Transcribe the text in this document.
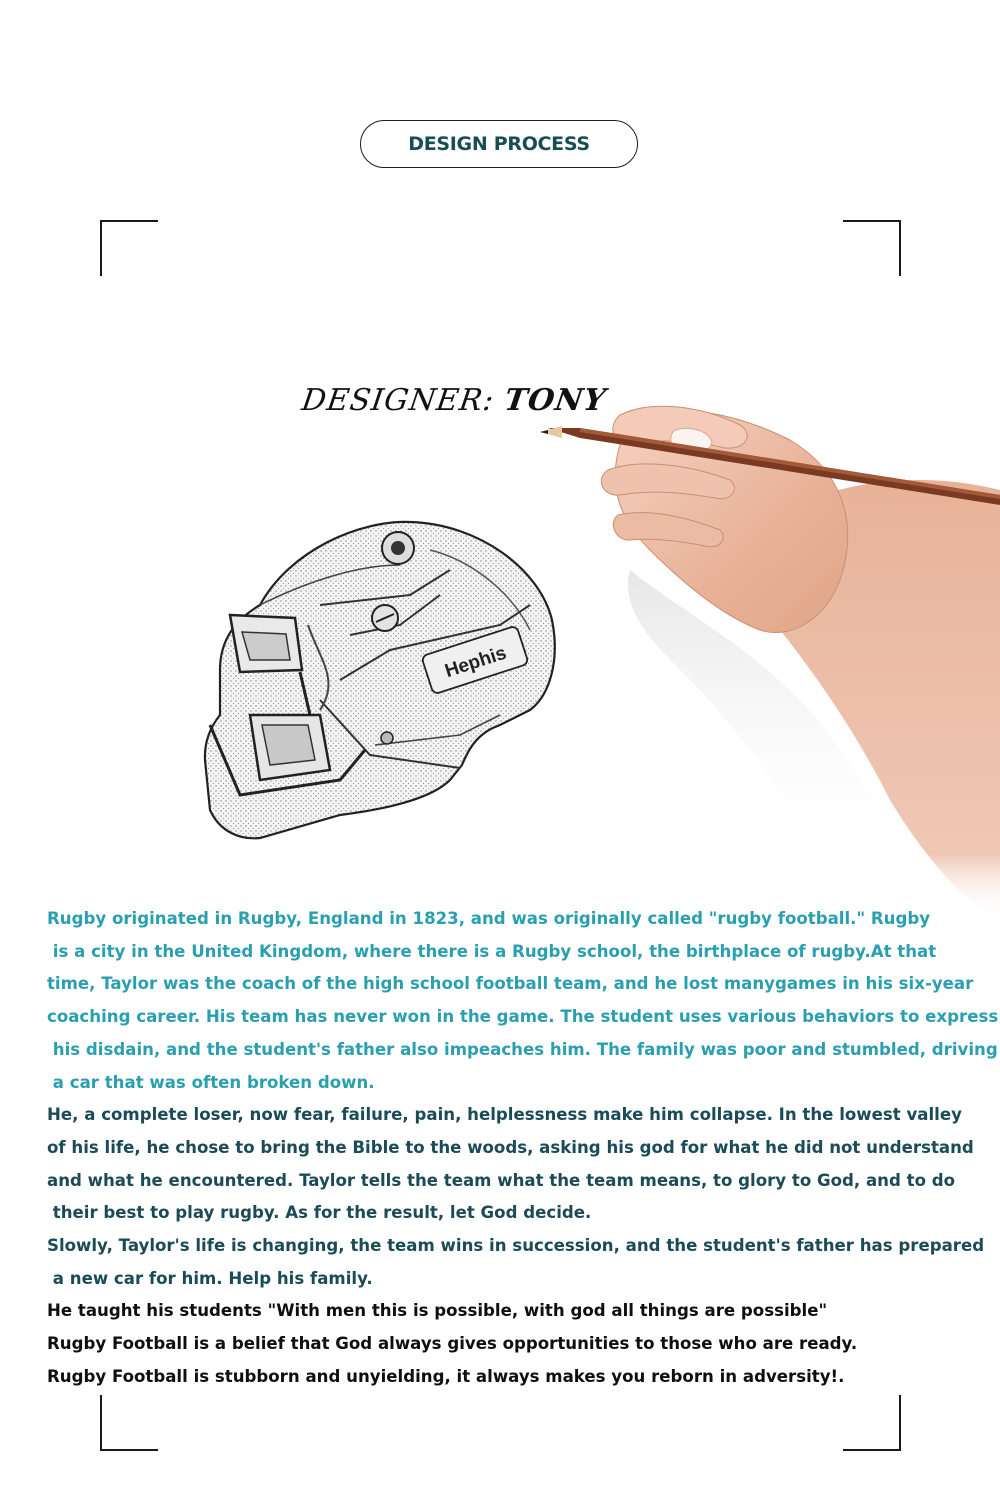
DESIGN PROCESS
DESIGNER: TONY
Hephis
Rugby originated in Rugby, England in 1823, and was originally called "rugby football." Rugby
is a city in the United Kingdom, where there is a Rugby school, the birthplace of rugby.At that
time, Taylor was the coach of the high school football team, and he lost manygames in his six-year
coaching career. His team has never won in the game. The student uses various behaviors to express
his disdain, and the student's father also impeaches him. The family was poor and stumbled, driving
a car that was often broken down.
He, a complete loser, now fear, failure, pain, helplessness make him collapse. In the lowest valley
of his life, he chose to bring the Bible to the woods, asking his god for what he did not understand
and what he encountered. Taylor tells the team what the team means, to glory to God, and to do
their best to play rugby. As for the result, let God decide.
Slowly, Taylor's life is changing, the team wins in succession, and the student's father has prepared
a new car for him. Help his family.
He taught his students "With men this is possible, with god all things are possible"
Rugby Football is a belief that God always gives opportunities to those who are ready.
Rugby Football is stubborn and unyielding, it always makes you reborn in adversity!.
